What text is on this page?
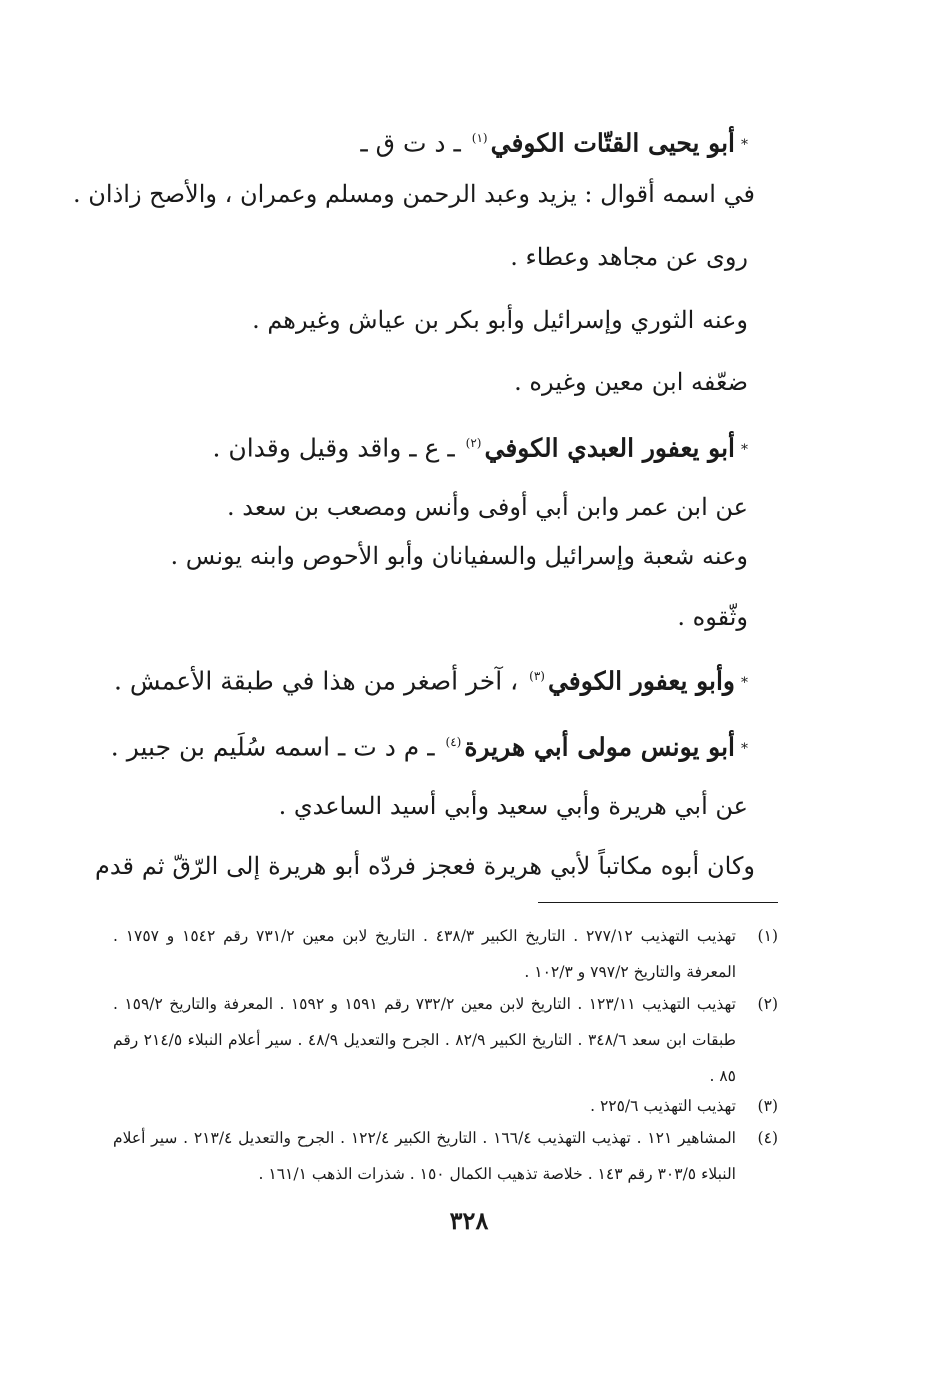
*أبو يحيى القتّات الكوفي$^{(١)}$ ـ د ت ق ـ
في اسمه أقوال : يزيد وعبد الرحمن ومسلم وعمران ، والأصح زاذان .
روى عن مجاهد وعطاء .
وعنه الثوري وإسرائيل وأبو بكر بن عياش وغيرهم .
ضعّفه ابن معين وغيره .
*أبو يعفور العبدي الكوفي$^{(٢)}$ ـ ع ـ واقد وقيل وقدان .
عن ابن عمر وابن أبي أوفى وأنس ومصعب بن سعد .
وعنه شعبة وإسرائيل والسفيانان وأبو الأحوص وابنه يونس .
وثّقوه .
*وأبو يعفور الكوفي$^{(٣)}$ ، آخر أصغر من هذا في طبقة الأعمش .
*أبو يونس مولى أبي هريرة$^{(٤)}$ ـ م د ت ـ اسمه سُلَيم بن جبير .
عن أبي هريرة وأبي سعيد وأبي أسيد الساعدي .
وكان أبوه مكاتباً لأبي هريرة فعجز فردّه أبو هريرة إلى الرّقّ ثم قدم
(١)
تهذيب التهذيب ٢٧٧/١٢ . التاريخ الكبير ٤٣٨/٣ . التاريخ لابن معين ٧٣١/٢ رقم ١٥٤٢ و ١٧٥٧ . المعرفة والتاريخ ٧٩٧/٢ و ١٠٢/٣ .
(٢)
تهذيب التهذيب ١٢٣/١١ . التاريخ لابن معين ٧٣٢/٢ رقم ١٥٩١ و ١٥٩٢ . المعرفة والتاريخ ١٥٩/٢ . طبقات ابن سعد ٣٤٨/٦ . التاريخ الكبير ٨٢/٩ . الجرح والتعديل ٤٨/٩ . سير أعلام النبلاء ٢١٤/٥ رقم ٨٥ .
(٣)
تهذيب التهذيب ٢٢٥/٦ .
(٤)
المشاهير ١٢١ . تهذيب التهذيب ١٦٦/٤ . التاريخ الكبير ١٢٢/٤ . الجرح والتعديل ٢١٣/٤ . سير أعلام النبلاء ٣٠٣/٥ رقم ١٤٣ . خلاصة تذهيب الكمال ١٥٠ . شذرات الذهب ١٦١/١ .
٣٢٨
